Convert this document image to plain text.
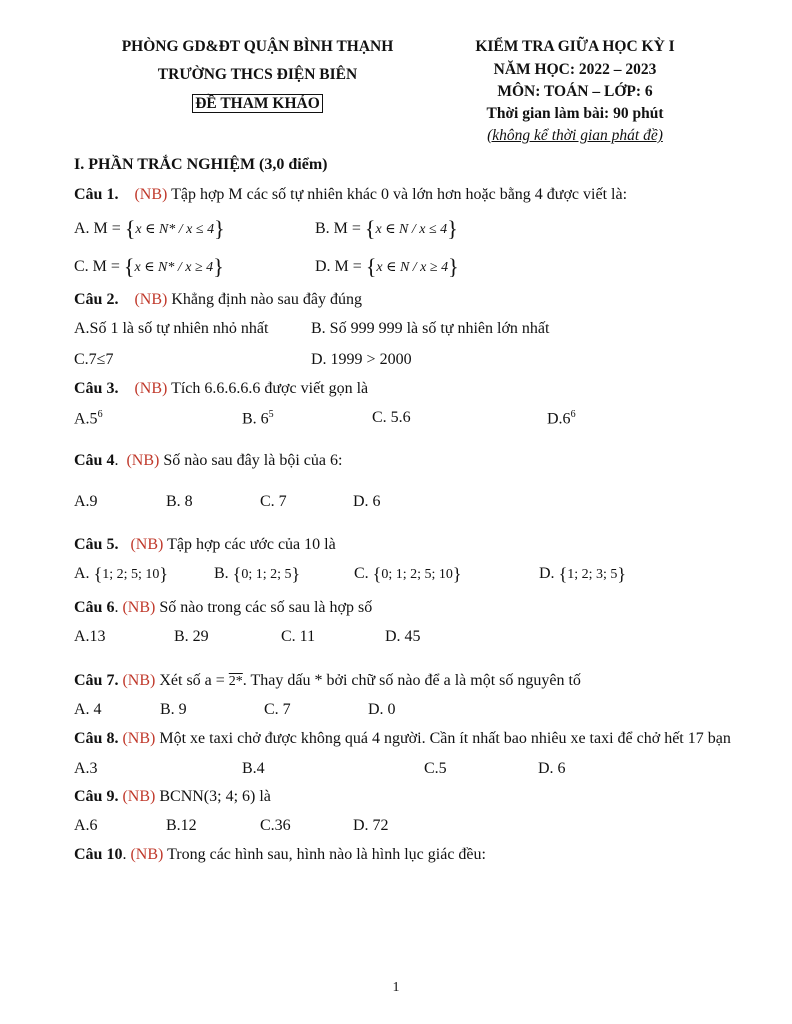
PHÒNG GD&ĐT QUẬN BÌNH THẠNH
TRƯỜNG THCS ĐIỆN BIÊN
ĐỀ THAM KHẢO
KIỂM TRA GIỮA HỌC KỲ I
NĂM HỌC: 2022 – 2023
MÔN: TOÁN – LỚP: 6
Thời gian làm bài: 90 phút
(không kể thời gian phát đề)
I. PHẦN TRẮC NGHIỆM (3,0 điểm)
Câu 1. (NB) Tập hợp M các số tự nhiên khác 0 và lớn hơn hoặc bằng 4 được viết là:
A. M = {x ∈ N* / x ≤ 4}	B. M = {x ∈ N / x ≤ 4}
C. M = {x ∈ N* / x ≥ 4}	D. M = {x ∈ N / x ≥ 4}
Câu 2. (NB) Khẳng định nào sau đây đúng
A.Số 1 là số tự nhiên nhỏ nhất	B. Số 999 999 là số tự nhiên lớn nhất
C.7≤7	D. 1999 > 2000
Câu 3. (NB) Tích 6.6.6.6.6 được viết gọn là
$A.5^6$	B. $6^5$	C. 5.6	$D.6^6$
Câu 4.  (NB) Số nào sau đây là bội của 6:
A.9	B. 8	C. 7	D. 6
Câu 5. (NB) Tập hợp các ước của 10 là
A. {1; 2; 5; 10}	B. {0; 1; 2; 5}	C. {0; 1; 2; 5; 10}	D. {1; 2; 3; 5}
Câu 6. (NB) Số nào trong các số sau là hợp số
A.13	B. 29	C. 11	D. 45
Câu 7. (NB) Xét số a = 2*. Thay dấu * bởi chữ số nào để a là một số nguyên tố
A. 4	B. 9	C. 7	D. 0
Câu 8. (NB) Một xe taxi chở được không quá 4 người. Cần ít nhất bao nhiêu xe taxi để chở hết 17 bạn
A.3	B.4	C.5	D. 6
Câu 9. (NB) BCNN(3; 4; 6) là
A.6	B.12	C.36	D. 72
Câu 10. (NB) Trong các hình sau, hình nào là hình lục giác đều:
1
